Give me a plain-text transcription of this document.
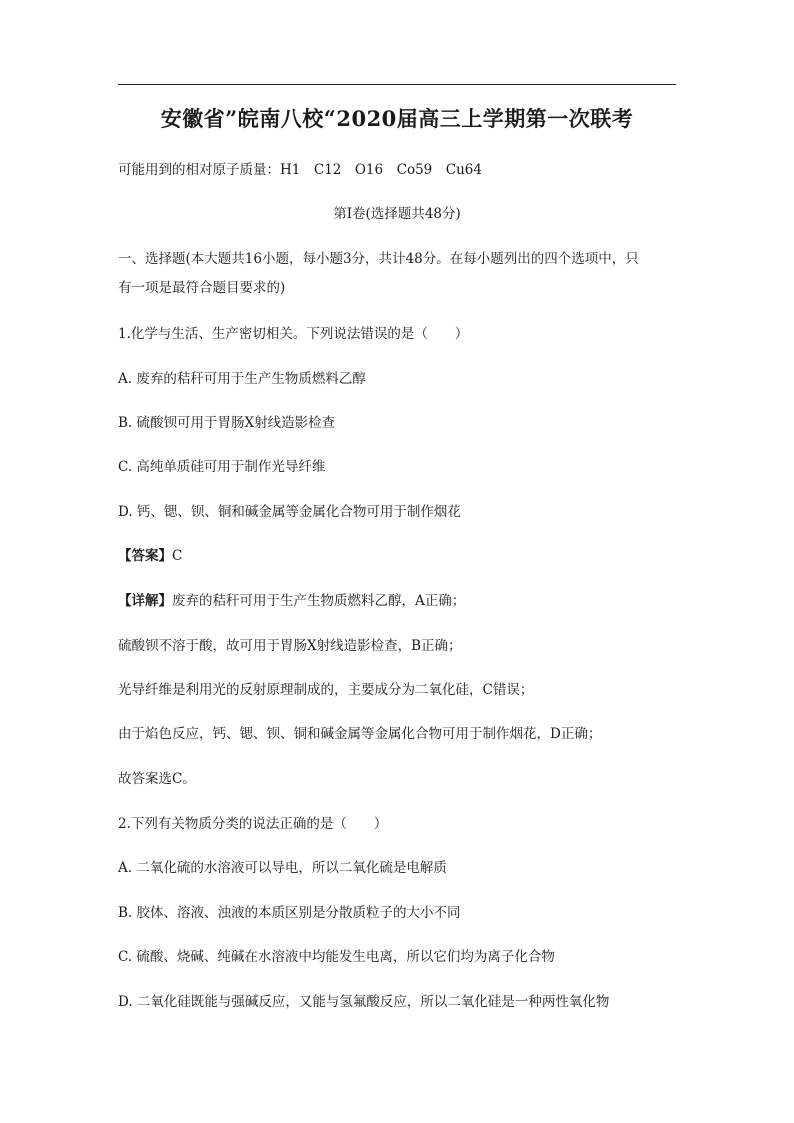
安徽省”皖南八校“2020届高三上学期第一次联考
可能用到的相对原子质量：H1　C12　O16　Co59　Cu64
第Ⅰ卷(选择题共48分)
一、选择题(本大题共16小题，每小题3分，共计48分。在每小题列出的四个选项中，只
有一项是最符合题目要求的)
1.化学与生活、生产密切相关。下列说法错误的是（　　）
A. 废弃的秸秆可用于生产生物质燃料乙醇
B. 硫酸钡可用于胃肠X射线造影检查
C. 高纯单质硅可用于制作光导纤维
D. 钙、锶、钡、铜和碱金属等金属化合物可用于制作烟花
【答案】C
【详解】废弃的秸秆可用于生产生物质燃料乙醇，A正确；
硫酸钡不溶于酸，故可用于胃肠X射线造影检查，B正确；
光导纤维是利用光的反射原理制成的，主要成分为二氧化硅，C错误；
由于焰色反应，钙、锶、钡、铜和碱金属等金属化合物可用于制作烟花，D正确；
故答案选C。
2.下列有关物质分类的说法正确的是（　　）
A. 二氧化硫的水溶液可以导电，所以二氧化硫是电解质
B. 胶体、溶液、浊液的本质区别是分散质粒子的大小不同
C. 硫酸、烧碱、纯碱在水溶液中均能发生电离，所以它们均为离子化合物
D. 二氧化硅既能与强碱反应，又能与氢氟酸反应，所以二氧化硅是一种两性氧化物
